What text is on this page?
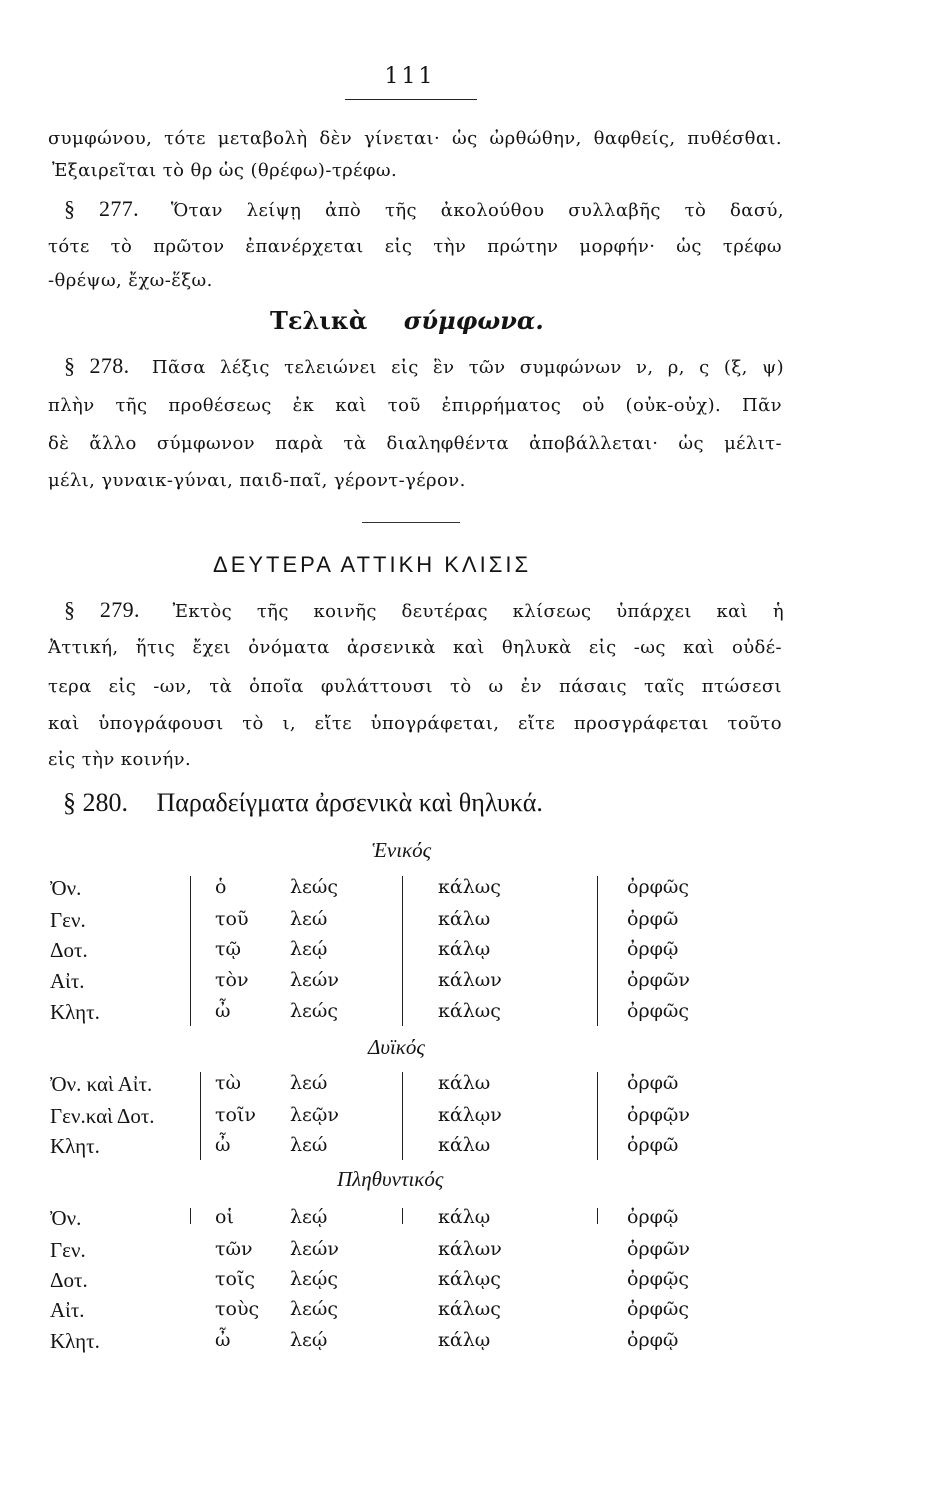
111
συμφώνου, τότε μεταβολὴ δὲν γίνεται· ὡς ὠρθώθην, θαφθείς, πυθέσθαι.
Ἐξαιρεῖται τὸ θρ ὡς (θρέφω)-τρέφω.
§ 277. Ὅταν λείψῃ ἀπὸ τῆς ἀκολούθου συλλαβῆς τὸ δασύ,
τότε τὸ πρῶτον ἐπανέρχεται εἰς τὴν πρώτην μορφήν· ὡς τρέφω
-θρέψω, ἔχω-ἕξω.
Τελικὰ σύμφωνα.
§ 278. Πᾶσα λέξις τελειώνει εἰς ἓν τῶν συμφώνων ν, ρ, ς (ξ, ψ)
πλὴν τῆς προθέσεως ἐκ καὶ τοῦ ἐπιρρήματος οὐ (οὐκ-οὐχ). Πᾶν
δὲ ἄλλο σύμφωνον παρὰ τὰ διαληφθέντα ἀποβάλλεται· ὡς μέλιτ-
μέλι, γυναικ-γύναι, παιδ-παῖ, γέροντ-γέρον.
ΔΕΥΤΕΡΑ ΑΤΤΙΚΗ ΚΛΙΣΙΣ
§ 279. Ἐκτὸς τῆς κοινῆς δευτέρας κλίσεως ὑπάρχει καὶ ἡ
Ἀττική, ἥτις ἔχει ὀνόματα ἀρσενικὰ καὶ θηλυκὰ εἰς -ως καὶ οὐδέ-
τερα εἰς -ων, τὰ ὁποῖα φυλάττουσι τὸ ω ἐν πάσαις ταῖς πτώσεσι
καὶ ὑπογράφουσι τὸ ι, εἴτε ὑπογράφεται, εἴτε προσγράφεται τοῦτο
εἰς τὴν κοινήν.
§ 280. Παραδείγματα ἀρσενικὰ καὶ θηλυκά.
Ἑνικός
Ὀν.	ὁ	λεώς	κάλως	ὀρφῶς
Γεν.	τοῦ λεώ	κάλω	ὀρφῶ
Δοτ.	τῷ	λεῴ	κάλῳ	ὀρφῷ
Αἰτ.	τὸν λεών	κάλων	ὀρφῶν
Κλητ.	ὦ	λεώς	κάλως	ὀρφῶς
Δυϊκός
Ὀν. καὶ Αἰτ.	τὼ	λεώ	κάλω	ὀρφῶ
Γεν.καὶ Δοτ.	τοῖν λεῷν	κάλῳν	ὀρφῷν
Κλητ.	ὦ	λεώ	κάλω	ὀρφῶ
Πληθυντικός
Ὀν.	οἱ	λεῴ	κάλῳ	ὀρφῷ
Γεν.	τῶν λεών	κάλων	ὀρφῶν
Δοτ.	τοῖς λεῴς	κάλῳς	ὀρφῷς
Αἰτ.	τοὺς λεώς	κάλως	ὀρφῶς
Κλητ.	ὦ	λεῴ	κάλῳ	ὀρφῷ
